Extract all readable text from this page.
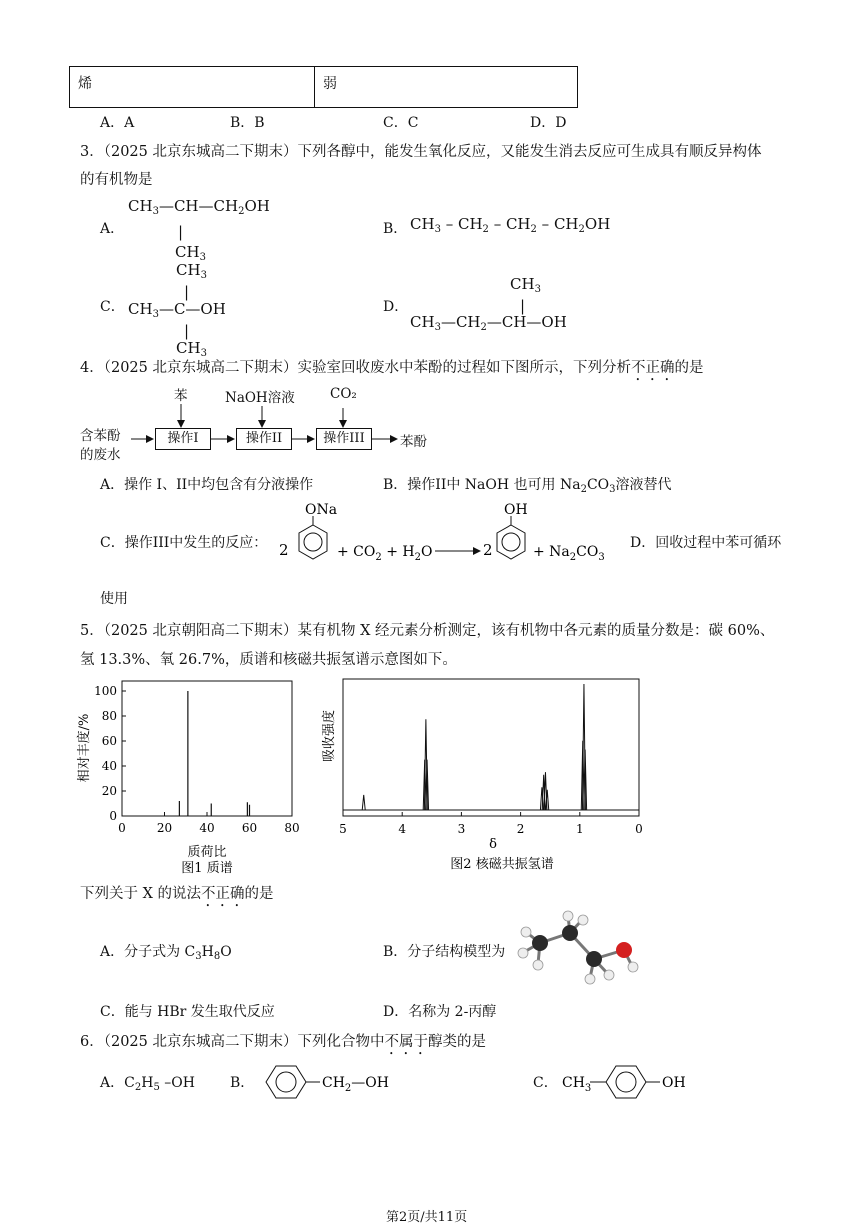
烯	弱
A．A	B．B	C．C	D．D
3．（2025 北京东城高二下期末）下列各醇中，能发生氧化反应，又能发生消去反应可生成具有顺反异构体
的有机物是
A．
$CH_3—CH—CH_2OH$
|
$CH_3$
B． $CH_3 - CH_2 - CH_2 - CH_2OH$
C．
$CH_3$
|
$CH_3—C—OH$
|
$CH_3$
D．
$CH_3$
|
$CH_3—CH_2—CH—OH$
4．（2025 北京东城高二下期末）实验室回收废水中苯酚的过程如下图所示，下列分析不正确的是
含苯酚
的废水
苯	NaOH溶液	CO₂
操作I	操作II	操作III	苯酚
A．操作 I、II中均包含有分液操作	B．操作II中 NaOH 也可用 $Na_2CO_3$溶液替代
C．操作III中发生的反应： 2
ONa
+ $CO_2 + H_2O$	2
OH
+ $Na_2CO_3$
D．回收过程中苯可循环
使用
5．（2025 北京朝阳高二下期末）某有机物 X 经元素分析测定，该有机物中各元素的质量分数是：碳 60%、
氢 13.3%、氧 26.7%，质谱和核磁共振氢谱示意图如下。
0
20
40
60
80
100
0	20 40 60 80
质荷比
相对丰度/%
图1 质谱
5	4	3	2	1	0
δ
吸收强度
图2 核磁共振氢谱
下列关于 X 的说法不正确的是
A．分子式为 $C_3H_8O$	B．分子结构模型为
C．能与 HBr 发生取代反应	D．名称为 2-丙醇
6．（2025 北京东城高二下期末）下列化合物中不属于醇类的是
A．$C_2H_5$ –OH	B．	$CH_2—OH$	C． $CH_3$	OH
第2页/共11页
